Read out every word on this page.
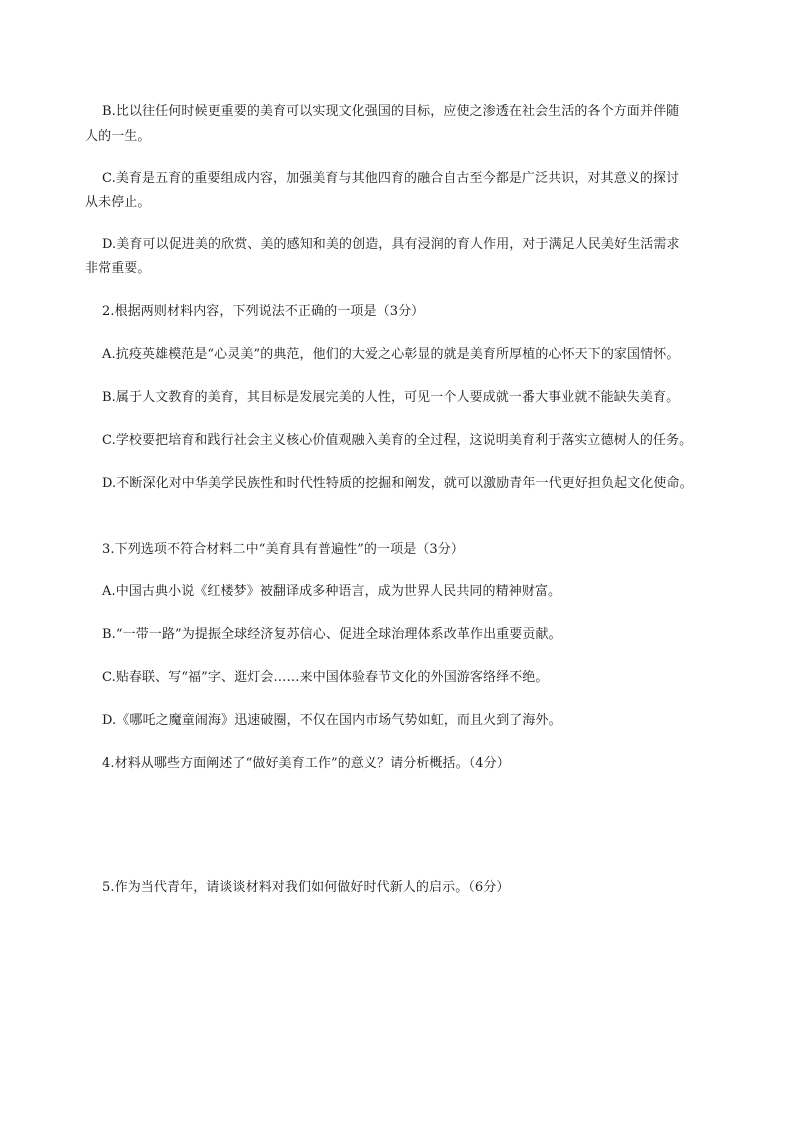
B.比以往任何时候更重要的美育可以实现文化强国的目标，应使之渗透在社会生活的各个方面并伴随

人的一生。

C.美育是五育的重要组成内容，加强美育与其他四育的融合自古至今都是广泛共识，对其意义的探讨

从未停止。

D.美育可以促进美的欣赏、美的感知和美的创造，具有浸润的育人作用，对于满足人民美好生活需求

非常重要。

2.根据两则材料内容，下列说法不正确的一项是（3分）

A.抗疫英雄模范是“心灵美”的典范，他们的大爱之心彰显的就是美育所厚植的心怀天下的家国情怀。

B.属于人文教育的美育，其目标是发展完美的人性，可见一个人要成就一番大事业就不能缺失美育。

C.学校要把培育和践行社会主义核心价值观融入美育的全过程，这说明美育利于落实立德树人的任务。

D.不断深化对中华美学民族性和时代性特质的挖掘和阐发，就可以激励青年一代更好担负起文化使命。

3.下列选项不符合材料二中“美育具有普遍性”的一项是（3分）

A.中国古典小说《红楼梦》被翻译成多种语言，成为世界人民共同的精神财富。

B.“一带一路”为提振全球经济复苏信心、促进全球治理体系改革作出重要贡献。

C.贴春联、写“福”字、逛灯会……来中国体验春节文化的外国游客络绎不绝。

D.《哪吒之魔童闹海》迅速破圈，不仅在国内市场气势如虹，而且火到了海外。

4.材料从哪些方面阐述了“做好美育工作”的意义？请分析概括。（4分）

5.作为当代青年，请谈谈材料对我们如何做好时代新人的启示。（6分）
